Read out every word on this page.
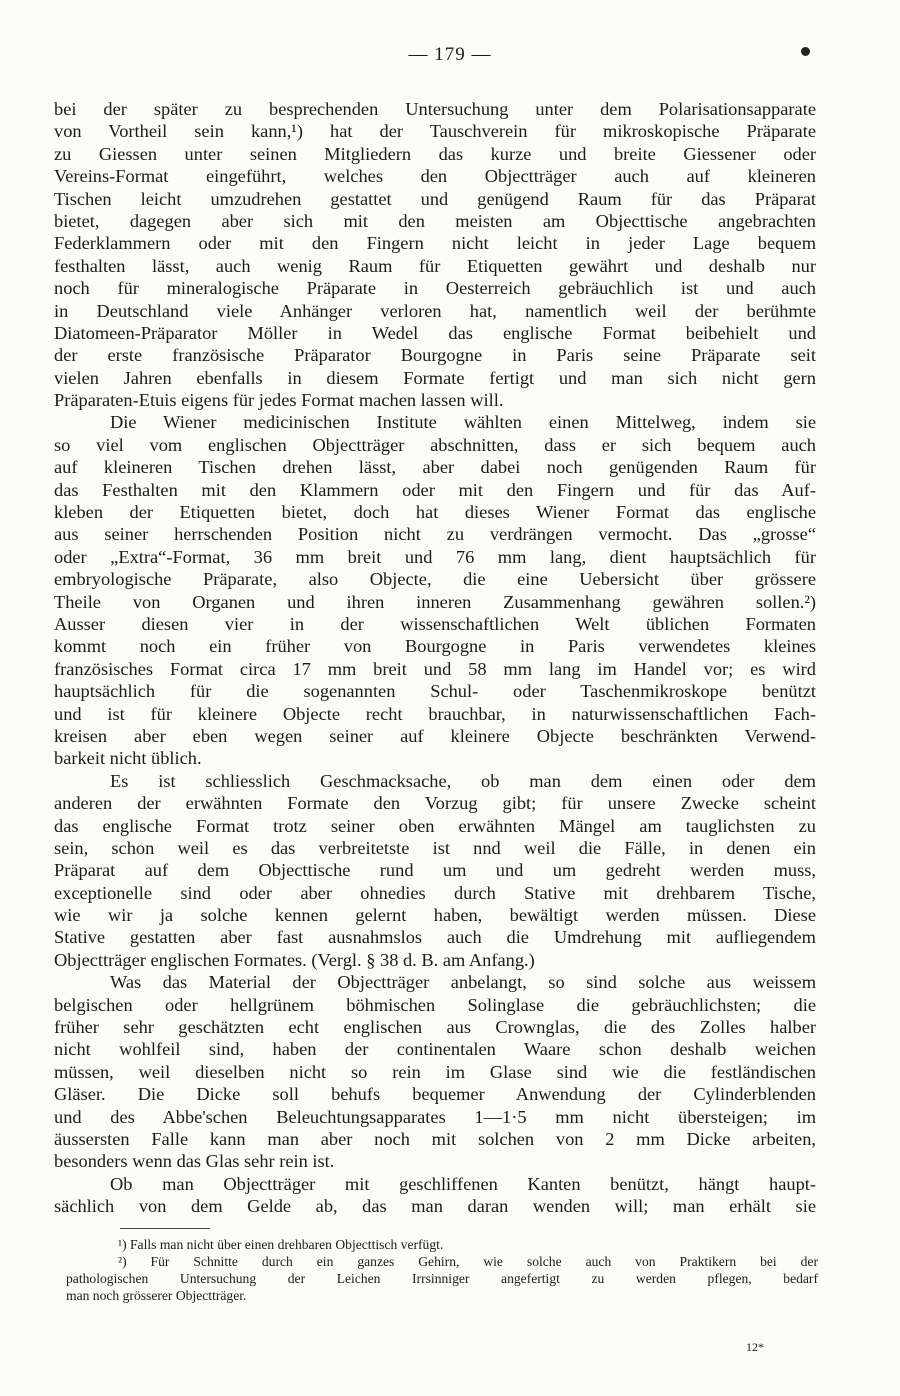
— 179 —
bei der später zu besprechenden Untersuchung unter dem Polarisationsapparate
von Vortheil sein kann,¹) hat der Tauschverein für mikroskopische Präparate
zu Giessen unter seinen Mitgliedern das kurze und breite Giessener oder
Vereins-Format eingeführt, welches den Objectträger auch auf kleineren
Tischen leicht umzudrehen gestattet und genügend Raum für das Präparat
bietet, dagegen aber sich mit den meisten am Objecttische angebrachten
Federklammern oder mit den Fingern nicht leicht in jeder Lage bequem
festhalten lässt, auch wenig Raum für Etiquetten gewährt und deshalb nur
noch für mineralogische Präparate in Oesterreich gebräuchlich ist und auch
in Deutschland viele Anhänger verloren hat, namentlich weil der berühmte
Diatomeen-Präparator Möller in Wedel das englische Format beibehielt und
der erste französische Präparator Bourgogne in Paris seine Präparate seit
vielen Jahren ebenfalls in diesem Formate fertigt und man sich nicht gern
Präparaten-Etuis eigens für jedes Format machen lassen will.
Die Wiener medicinischen Institute wählten einen Mittelweg, indem sie
so viel vom englischen Objectträger abschnitten, dass er sich bequem auch
auf kleineren Tischen drehen lässt, aber dabei noch genügenden Raum für
das Festhalten mit den Klammern oder mit den Fingern und für das Auf-
kleben der Etiquetten bietet, doch hat dieses Wiener Format das englische
aus seiner herrschenden Position nicht zu verdrängen vermocht. Das „grosse“
oder „Extra“-Format, 36 mm breit und 76 mm lang, dient hauptsächlich für
embryologische Präparate, also Objecte, die eine Uebersicht über grössere
Theile von Organen und ihren inneren Zusammenhang gewähren sollen.²)
Ausser diesen vier in der wissenschaftlichen Welt üblichen Formaten
kommt noch ein früher von Bourgogne in Paris verwendetes kleines
französisches Format circa 17 mm breit und 58 mm lang im Handel vor; es wird
hauptsächlich für die sogenannten Schul- oder Taschenmikroskope benützt
und ist für kleinere Objecte recht brauchbar, in naturwissenschaftlichen Fach-
kreisen aber eben wegen seiner auf kleinere Objecte beschränkten Verwend-
barkeit nicht üblich.
Es ist schliesslich Geschmacksache, ob man dem einen oder dem
anderen der erwähnten Formate den Vorzug gibt; für unsere Zwecke scheint
das englische Format trotz seiner oben erwähnten Mängel am tauglichsten zu
sein, schon weil es das verbreitetste ist nnd weil die Fälle, in denen ein
Präparat auf dem Objecttische rund um und um gedreht werden muss,
exceptionelle sind oder aber ohnedies durch Stative mit drehbarem Tische,
wie wir ja solche kennen gelernt haben, bewältigt werden müssen. Diese
Stative gestatten aber fast ausnahmslos auch die Umdrehung mit aufliegendem
Objectträger englischen Formates. (Vergl. § 38 d. B. am Anfang.)
Was das Material der Objectträger anbelangt, so sind solche aus weissem
belgischen oder hellgrünem böhmischen Solinglase die gebräuchlichsten; die
früher sehr geschätzten echt englischen aus Crownglas, die des Zolles halber
nicht wohlfeil sind, haben der continentalen Waare schon deshalb weichen
müssen, weil dieselben nicht so rein im Glase sind wie die festländischen
Gläser. Die Dicke soll behufs bequemer Anwendung der Cylinderblenden
und des Abbe'schen Beleuchtungsapparates 1—1·5 mm nicht übersteigen; im
äussersten Falle kann man aber noch mit solchen von 2 mm Dicke arbeiten,
besonders wenn das Glas sehr rein ist.
Ob man Objectträger mit geschliffenen Kanten benützt, hängt haupt-
sächlich von dem Gelde ab, das man daran wenden will; man erhält sie
¹) Falls man nicht über einen drehbaren Objecttisch verfügt.
²) Für Schnitte durch ein ganzes Gehirn, wie solche auch von Praktikern bei der
pathologischen Untersuchung der Leichen Irrsinniger angefertigt zu werden pflegen, bedarf
man noch grösserer Objectträger.
12*
